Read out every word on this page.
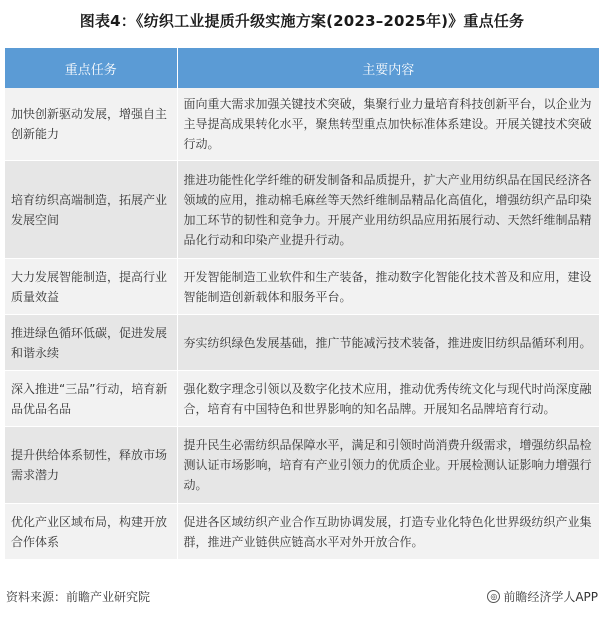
图表4：《纺织工业提质升级实施方案(2023–2025年)》重点任务
重点任务	主要内容
加快创新驱动发展，增强自主创新能力	面向重大需求加强关键技术突破，集聚行业力量培育科技创新平台，以企业为主导提高成果转化水平，聚焦转型重点加快标准体系建设。开展关键技术突破行动。
培育纺织高端制造，拓展产业发展空间	推进功能性化学纤维的研发制备和品质提升，扩大产业用纺织品在国民经济各领域的应用，推动棉毛麻丝等天然纤维制品精品化高值化，增强纺织产品印染加工环节的韧性和竞争力。开展产业用纺织品应用拓展行动、天然纤维制品精品化行动和印染产业提升行动。
大力发展智能制造，提高行业质量效益	开发智能制造工业软件和生产装备，推动数字化智能化技术普及和应用，建设智能制造创新载体和服务平台。
推进绿色循环低碳，促进发展和谐永续	夯实纺织绿色发展基础，推广节能减污技术装备，推进废旧纺织品循环利用。
深入推进“三品”行动，培育新品优品名品	强化数字理念引领以及数字化技术应用，推动优秀传统文化与现代时尚深度融合，培育有中国特色和世界影响的知名品牌。开展知名品牌培育行动。
提升供给体系韧性，释放市场需求潜力	提升民生必需纺织品保障水平，满足和引领时尚消费升级需求，增强纺织品检测认证市场影响，培育有产业引领力的优质企业。开展检测认证影响力增强行动。
优化产业区域布局，构建开放合作体系	促进各区域纺织产业合作互助协调发展，打造专业化特色化世界级纺织产业集群，推进产业链供应链高水平对外开放合作。
资料来源：前瞻产业研究院	◎ 前瞻经济学人APP
